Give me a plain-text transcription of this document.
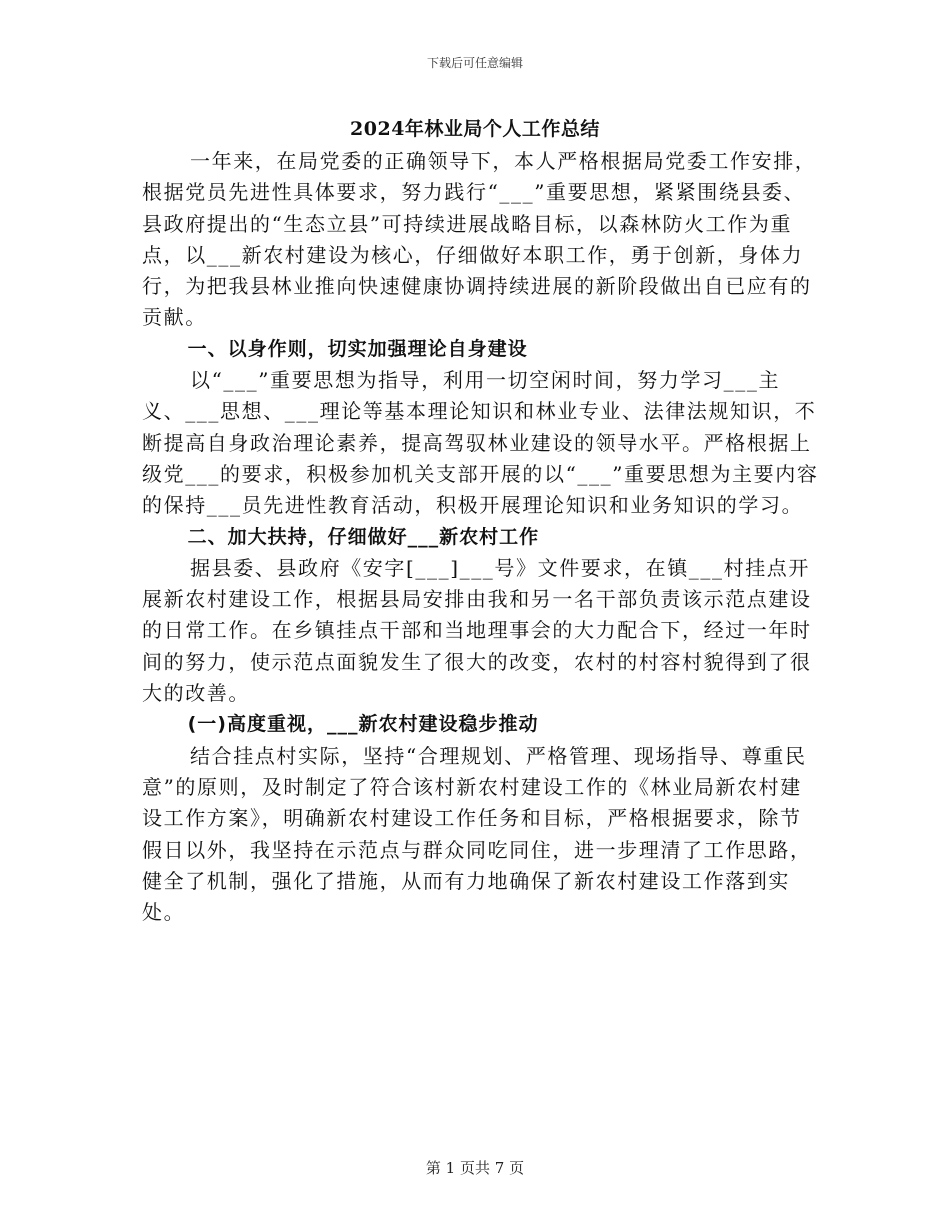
下载后可任意编辑
2024年林业局个人工作总结

一年来，在局党委的正确领导下，本人严格根据局党委工作安排，根据党员先进性具体要求，努力践行“___”重要思想，紧紧围绕县委、县政府提出的“生态立县”可持续进展战略目标，以森林防火工作为重点，以___新农村建设为核心，仔细做好本职工作，勇于创新，身体力行，为把我县林业推向快速健康协调持续进展的新阶段做出自已应有的贡献。

一、以身作则，切实加强理论自身建设

以“___”重要思想为指导，利用一切空闲时间，努力学习___主义、___思想、___理论等基本理论知识和林业专业、法律法规知识，不断提高自身政治理论素养，提高驾驭林业建设的领导水平。严格根据上级党___的要求，积极参加机关支部开展的以“___”重要思想为主要内容的保持___员先进性教育活动，积极开展理论知识和业务知识的学习。

二、加大扶持，仔细做好___新农村工作

据县委、县政府《安字[___]___号》文件要求，在镇___村挂点开展新农村建设工作，根据县局安排由我和另一名干部负责该示范点建设的日常工作。在乡镇挂点干部和当地理事会的大力配合下，经过一年时间的努力，使示范点面貌发生了很大的改变，农村的村容村貌得到了很大的改善。

(一)高度重视，___新农村建设稳步推动

结合挂点村实际，坚持“合理规划、严格管理、现场指导、尊重民意”的原则，及时制定了符合该村新农村建设工作的《林业局新农村建设工作方案》，明确新农村建设工作任务和目标，严格根据要求，除节假日以外，我坚持在示范点与群众同吃同住，进一步理清了工作思路，健全了机制，强化了措施，从而有力地确保了新农村建设工作落到实处。

第 1 页共 7 页
